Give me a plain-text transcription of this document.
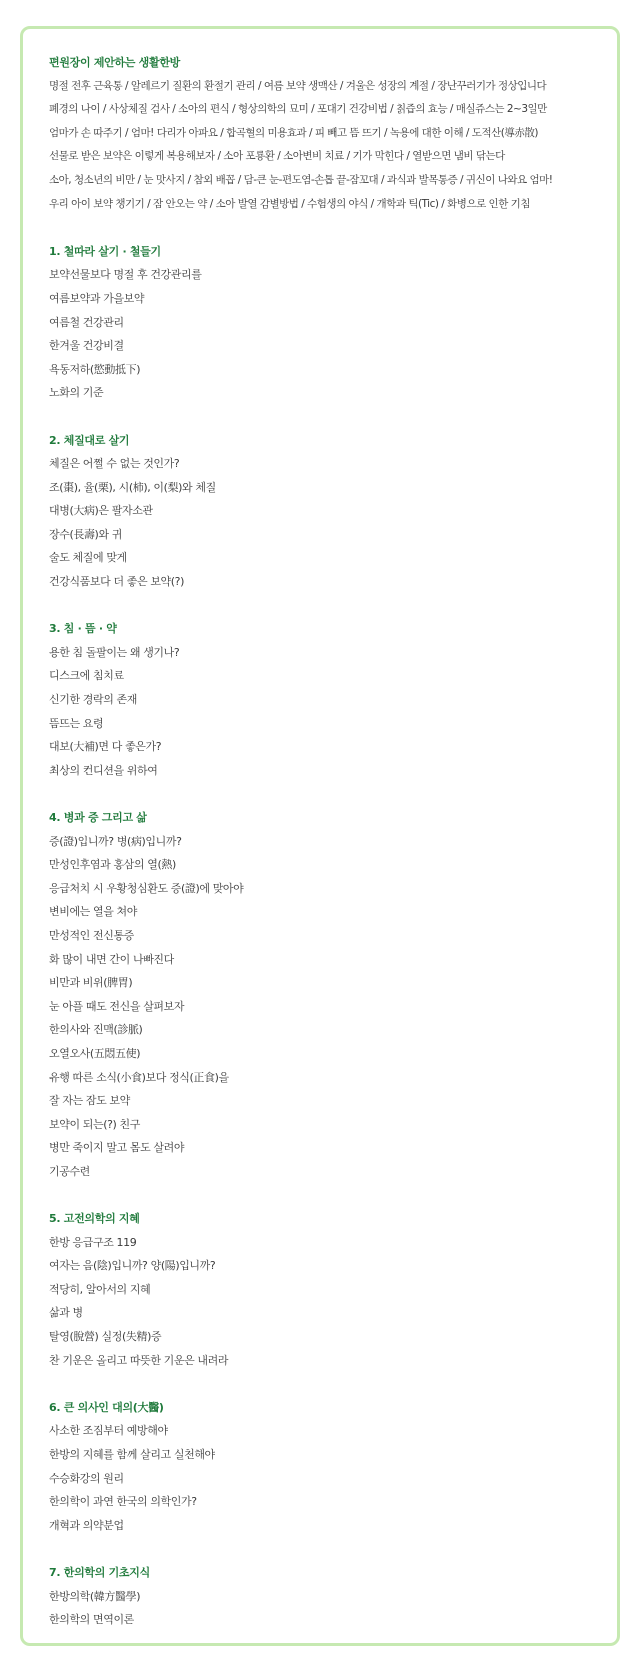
편원장이 제안하는 생활한방
명절 전후 근육통 / 알레르기 질환의 환절기 관리 / 여름 보약 생맥산 / 겨울은 성장의 계절 / 장난꾸러기가 정상입니다
폐경의 나이 / 사상체질 검사 / 소아의 편식 / 형상의학의 묘미 / 포대기 건강비법 / 칡즙의 효능 / 매실쥬스는 2~3일만
엄마가 손 따주기 / 엄마! 다리가 아파요 / 합곡혈의 미용효과 / 피 빼고 뜸 뜨기 / 녹용에 대한 이해 / 도적산(導赤散)
선물로 받은 보약은 이렇게 복용해보자 / 소아 포룡환 / 소아변비 치료 / 기가 막힌다 / 열받으면 냄비 닦는다
소아, 청소년의 비만 / 눈 맛사지 / 참외 배꼽 / 담-큰 눈-편도염-손톱 끝-잠꼬대 / 과식과 발목통증 / 귀신이 나와요 엄마!
우리 아이 보약 챙기기 / 잠 안오는 약 / 소아 발열 감별방법 / 수험생의 야식 / 개학과 틱(Tic) / 화병으로 인한 기침
1. 철따라 살기 · 철들기
보약선물보다 명절 후 건강관리를
여름보약과 가을보약
여름철 건강관리
한겨울 건강비결
욕동저하(慾動抵下)
노화의 기준
2. 체질대로 살기
체질은 어쩔 수 없는 것인가?
조(棗), 율(栗), 시(柿), 이(梨)와 체질
대병(大病)은 팔자소관
장수(長壽)와 귀
술도 체질에 맞게
건강식품보다 더 좋은 보약(?)
3. 침 · 뜸 · 약
용한 침 돌팔이는 왜 생기나?
디스크에 침치료
신기한 경락의 존재
뜸뜨는 요령
대보(大補)면 다 좋은가?
최상의 컨디션을 위하여
4. 병과 증 그리고 삶
증(證)입니까? 병(病)입니까?
만성인후염과 홍삼의 열(熱)
응급처치 시 우황청심환도 증(證)에 맞아야
변비에는 열을 쳐야
만성적인 전신통증
화 많이 내면 간이 나빠진다
비만과 비위(脾胃)
눈 아플 때도 전신을 살펴보자
한의사와 진맥(診脈)
오열오사(五悶五使)
유행 따른 소식(小食)보다 정식(正食)을
잘 자는 잠도 보약
보약이 되는(?) 친구
병만 죽이지 말고 몸도 살려야
기공수련
5. 고전의학의 지혜
한방 응급구조 119
여자는 음(陰)입니까? 양(陽)입니까?
적당히, 알아서의 지혜
삶과 병
탈영(脫營) 실정(失精)증
찬 기운은 올리고 따뜻한 기운은 내려라
6. 큰 의사인 대의(大醫)
사소한 조짐부터 예방해야
한방의 지혜를 함께 살리고 실천해야
수승화강의 원리
한의학이 과연 한국의 의학인가?
개혁과 의약분업
7. 한의학의 기초지식
한방의학(韓方醫學)
한의학의 면역이론
